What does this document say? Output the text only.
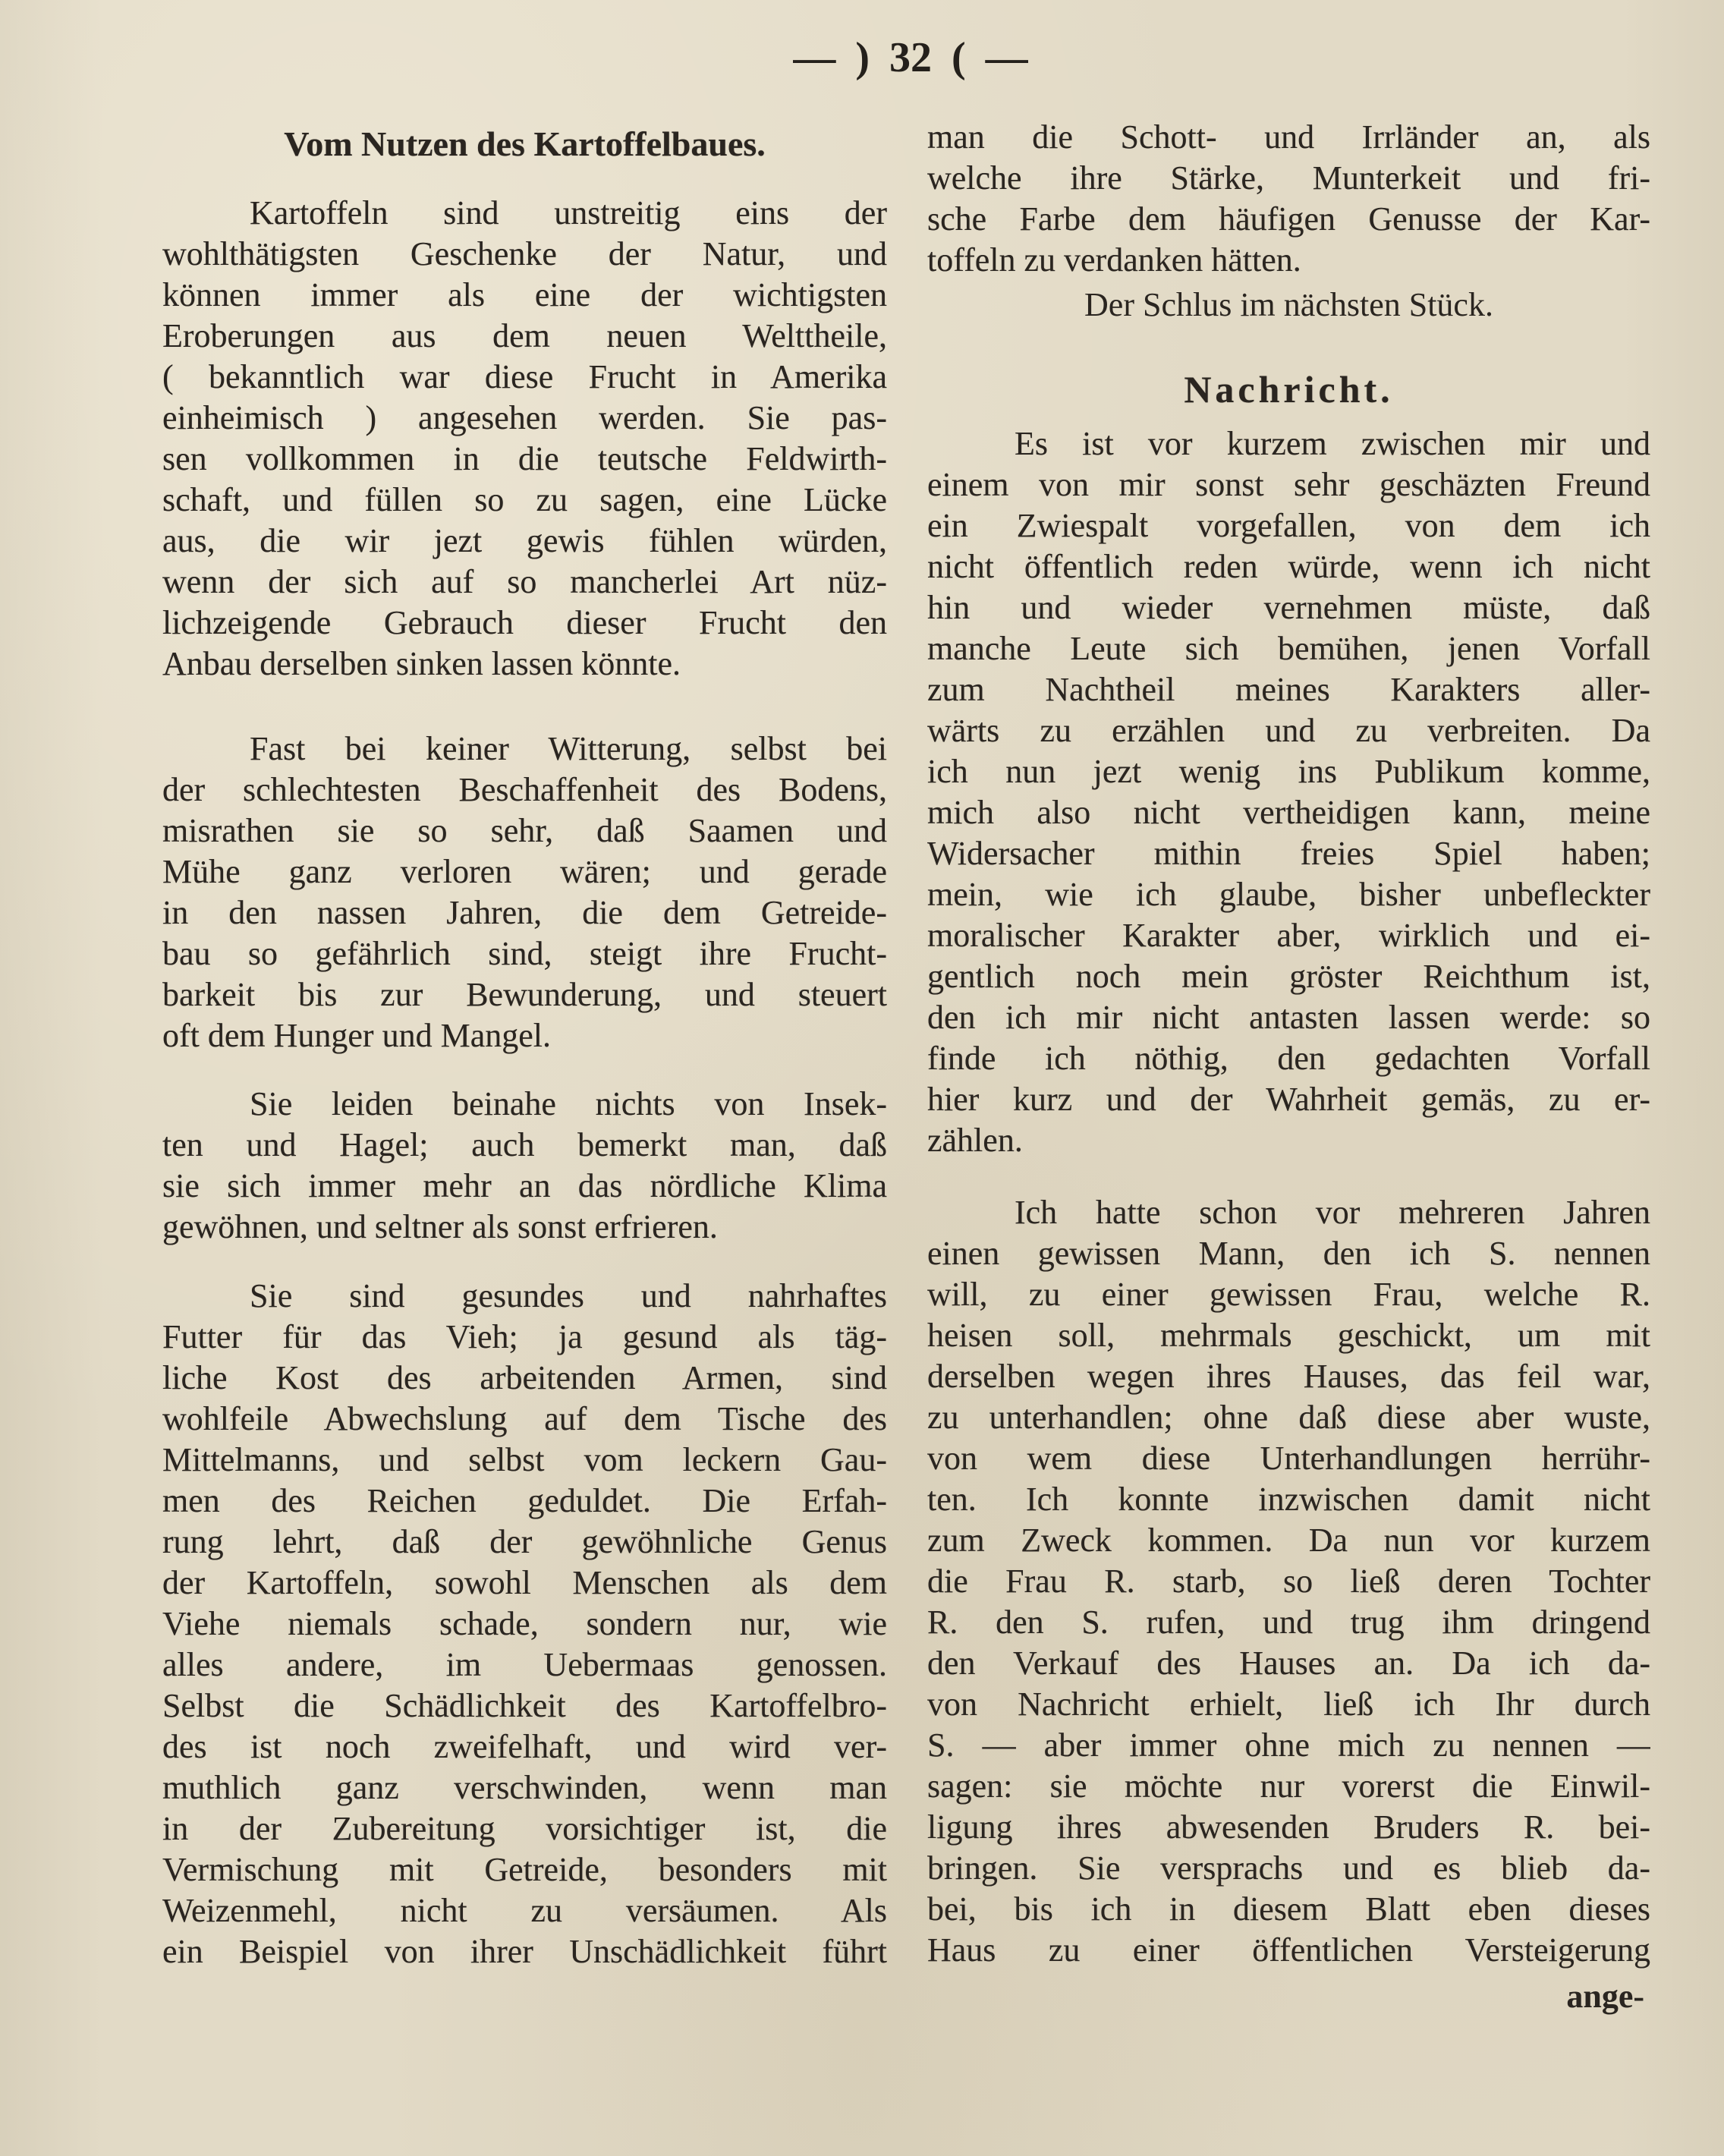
— ) 32 ( —
Vom Nutzen des Kartoffelbaues.
Kartoffeln sind unstreitig eins der
wohlthätigsten Geschenke der Natur, und
können immer als eine der wichtigsten
Eroberungen aus dem neuen Welttheile,
( bekanntlich war diese Frucht in Amerika
einheimisch ) angesehen werden. Sie pas-
sen vollkommen in die teutsche Feldwirth-
schaft, und füllen so zu sagen, eine Lücke
aus, die wir jezt gewis fühlen würden,
wenn der sich auf so mancherlei Art nüz-
lichzeigende Gebrauch dieser Frucht den
Anbau derselben sinken lassen könnte.
Fast bei keiner Witterung, selbst bei
der schlechtesten Beschaffenheit des Bodens,
misrathen sie so sehr, daß Saamen und
Mühe ganz verloren wären; und gerade
in den nassen Jahren, die dem Getreide-
bau so gefährlich sind, steigt ihre Frucht-
barkeit bis zur Bewunderung, und steuert
oft dem Hunger und Mangel.
Sie leiden beinahe nichts von Insek-
ten und Hagel; auch bemerkt man, daß
sie sich immer mehr an das nördliche Klima
gewöhnen, und seltner als sonst erfrieren.
Sie sind gesundes und nahrhaftes
Futter für das Vieh; ja gesund als täg-
liche Kost des arbeitenden Armen, sind
wohlfeile Abwechslung auf dem Tische des
Mittelmanns, und selbst vom leckern Gau-
men des Reichen geduldet. Die Erfah-
rung lehrt, daß der gewöhnliche Genus
der Kartoffeln, sowohl Menschen als dem
Viehe niemals schade, sondern nur, wie
alles andere, im Uebermaas genossen.
Selbst die Schädlichkeit des Kartoffelbro-
des ist noch zweifelhaft, und wird ver-
muthlich ganz verschwinden, wenn man
in der Zubereitung vorsichtiger ist, die
Vermischung mit Getreide, besonders mit
Weizenmehl, nicht zu versäumen. Als
ein Beispiel von ihrer Unschädlichkeit führt
man die Schott- und Irrländer an, als
welche ihre Stärke, Munterkeit und fri-
sche Farbe dem häufigen Genusse der Kar-
toffeln zu verdanken hätten.
Der Schlus im nächsten Stück.
Nachricht.
Es ist vor kurzem zwischen mir und
einem von mir sonst sehr geschäzten Freund
ein Zwiespalt vorgefallen, von dem ich
nicht öffentlich reden würde, wenn ich nicht
hin und wieder vernehmen müste, daß
manche Leute sich bemühen, jenen Vorfall
zum Nachtheil meines Karakters aller-
wärts zu erzählen und zu verbreiten. Da
ich nun jezt wenig ins Publikum komme,
mich also nicht vertheidigen kann, meine
Widersacher mithin freies Spiel haben;
mein, wie ich glaube, bisher unbefleckter
moralischer Karakter aber, wirklich und ei-
gentlich noch mein gröster Reichthum ist,
den ich mir nicht antasten lassen werde: so
finde ich nöthig, den gedachten Vorfall
hier kurz und der Wahrheit gemäs, zu er-
zählen.
Ich hatte schon vor mehreren Jahren
einen gewissen Mann, den ich S. nennen
will, zu einer gewissen Frau, welche R.
heisen soll, mehrmals geschickt, um mit
derselben wegen ihres Hauses, das feil war,
zu unterhandlen; ohne daß diese aber wuste,
von wem diese Unterhandlungen herrühr-
ten. Ich konnte inzwischen damit nicht
zum Zweck kommen. Da nun vor kurzem
die Frau R. starb, so ließ deren Tochter
R. den S. rufen, und trug ihm dringend
den Verkauf des Hauses an. Da ich da-
von Nachricht erhielt, ließ ich Ihr durch
S. — aber immer ohne mich zu nennen —
sagen: sie möchte nur vorerst die Einwil-
ligung ihres abwesenden Bruders R. bei-
bringen. Sie versprachs und es blieb da-
bei, bis ich in diesem Blatt eben dieses
Haus zu einer öffentlichen Versteigerung
ange-
